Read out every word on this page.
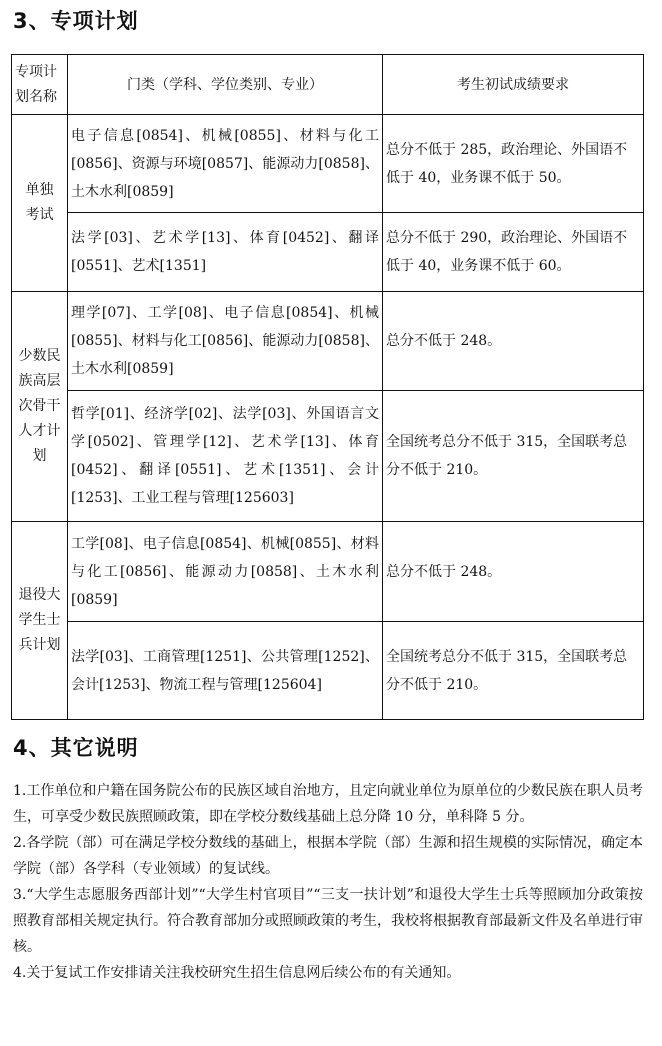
3、专项计划
专项计划名称	门类（学科、学位类别、专业）	考生初试成绩要求
单独考试	电子信息[0854]、机械[0855]、材料与化工[0856]、资源与环境[0857]、能源动力[0858]、土木水利[0859]	总分不低于 285，政治理论、外国语不低于 40，业务课不低于 50。
	法学[03]、艺术学[13]、体育[0452]、翻译[0551]、艺术[1351]	总分不低于 290，政治理论、外国语不低于 40，业务课不低于 60。
少数民族高层次骨干人才计划	理学[07]、工学[08]、电子信息[0854]、机械[0855]、材料与化工[0856]、能源动力[0858]、土木水利[0859]	总分不低于 248。
	哲学[01]、经济学[02]、法学[03]、外国语言文学[0502]、管理学[12]、艺术学[13]、体育[0452]、翻译[0551]、艺术[1351]、会计[1253]、工业工程与管理[125603]	全国统考总分不低于 315，全国联考总分不低于 210。
退役大学生士兵计划	工学[08]、电子信息[0854]、机械[0855]、材料与化工[0856]、能源动力[0858]、土木水利[0859]	总分不低于 248。
	法学[03]、工商管理[1251]、公共管理[1252]、会计[1253]、物流工程与管理[125604]	全国统考总分不低于 315，全国联考总分不低于 210。
4、其它说明

1.工作单位和户籍在国务院公布的民族区域自治地方，且定向就业单位为原单位的少数民族在职人员考生，可享受少数民族照顾政策，即在学校分数线基础上总分降 10 分，单科降 5 分。

2.各学院（部）可在满足学校分数线的基础上，根据本学院（部）生源和招生规模的实际情况，确定本学院（部）各学科（专业领域）的复试线。

3.“大学生志愿服务西部计划”“大学生村官项目”“三支一扶计划”和退役大学生士兵等照顾加分政策按照教育部相关规定执行。符合教育部加分或照顾政策的考生，我校将根据教育部最新文件及名单进行审核。

4.关于复试工作安排请关注我校研究生招生信息网后续公布的有关通知。
